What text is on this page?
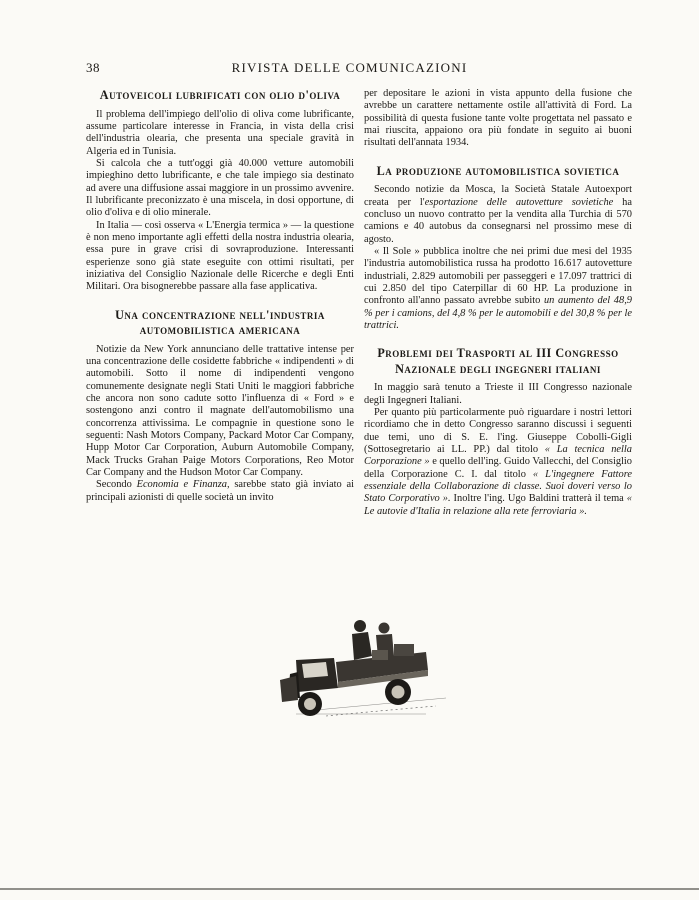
38	RIVISTA DELLE COMUNICAZIONI
Autoveicoli lubrificati con olio d'oliva

Il problema dell'impiego dell'olio di oliva come lubrificante, assume particolare interesse in Francia, in vista della crisi dell'industria olearia, che presenta una speciale gravità in Algeria ed in Tunisia.

Si calcola che a tutt'oggi già 40.000 vetture automobili impieghino detto lubrificante, e che tale impiego sia destinato ad avere una diffusione assai maggiore in un prossimo avvenire. Il lubrificante preconizzato è una miscela, in dosi opportune, di olio d'oliva e di olio minerale.

In Italia — così osserva « L'Energia termica » — la questione è non meno importante agli effetti della nostra industria olearia, essa pure in grave crisi di sovraproduzione. Interessanti esperienze sono già state eseguite con ottimi risultati, per iniziativa del Consiglio Nazionale delle Ricerche e degli Enti Militari. Ora bisognerebbe passare alla fase applicativa.

Una concentrazione nell'industria
automobilistica americana

Notizie da New York annunciano delle trattative intense per una concentrazione delle cosidette fabbriche « indipendenti » di automobili. Sotto il nome di indipendenti vengono comunemente designate negli Stati Uniti le maggiori fabbriche che ancora non sono cadute sotto l'influenza di « Ford » e sostengono anzi contro il magnate dell'automobilismo una concorrenza attivissima. Le compagnie in questione sono le seguenti: Nash Motors Company, Packard Motor Car Company, Hupp Motor Car Corporation, Auburn Automobile Company, Mack Trucks Grahan Paige Motors Corporations, Reo Motor Car Company and the Hudson Motor Car Company.

Secondo Economia e Finanza, sarebbe stato già inviato ai principali azionisti di quelle società un invito

per depositare le azioni in vista appunto della fusione che avrebbe un carattere nettamente ostile all'attività di Ford. La possibilità di questa fusione tante volte progettata nel passato e mai riuscita, appaiono ora più fondate in seguito ai buoni risultati dell'annata 1934.

La produzione automobilistica sovietica

Secondo notizie da Mosca, la Società Statale Autoexport creata per l'esportazione delle autovetture sovietiche ha concluso un nuovo contratto per la vendita alla Turchia di 570 camions e 40 autobus da consegnarsi nel prossimo mese di agosto.

« Il Sole » pubblica inoltre che nei primi due mesi del 1935 l'industria automobilistica russa ha prodotto 16.617 autovetture industriali, 2.829 automobili per passeggeri e 17.097 trattrici di cui 2.850 del tipo Caterpillar di 60 HP. La produzione in confronto all'anno passato avrebbe subito un aumento del 48,9 % per i camions, del 4,8 % per le automobili e del 30,8 % per le trattrici.

Problemi dei Trasporti al III Congresso
Nazionale degli ingegneri italiani

In maggio sarà tenuto a Trieste il III Congresso nazionale degli Ingegneri Italiani.

Per quanto più particolarmente può riguardare i nostri lettori ricordiamo che in detto Congresso saranno discussi i seguenti due temi, uno di S. E. l'ing. Giuseppe Cobolli-Gigli (Sottosegretario ai LL. PP.) dal titolo « La tecnica nella Corporazione » e quello dell'ing. Guido Vallecchi, del Consiglio della Corporazione C. I. dal titolo « L'ingegnere Fattore essenziale della Collaborazione di classe. Suoi doveri verso lo Stato Corporativo ». Inoltre l'ing. Ugo Baldini tratterà il tema « Le autovie d'Italia in relazione alla rete ferroviaria ».
